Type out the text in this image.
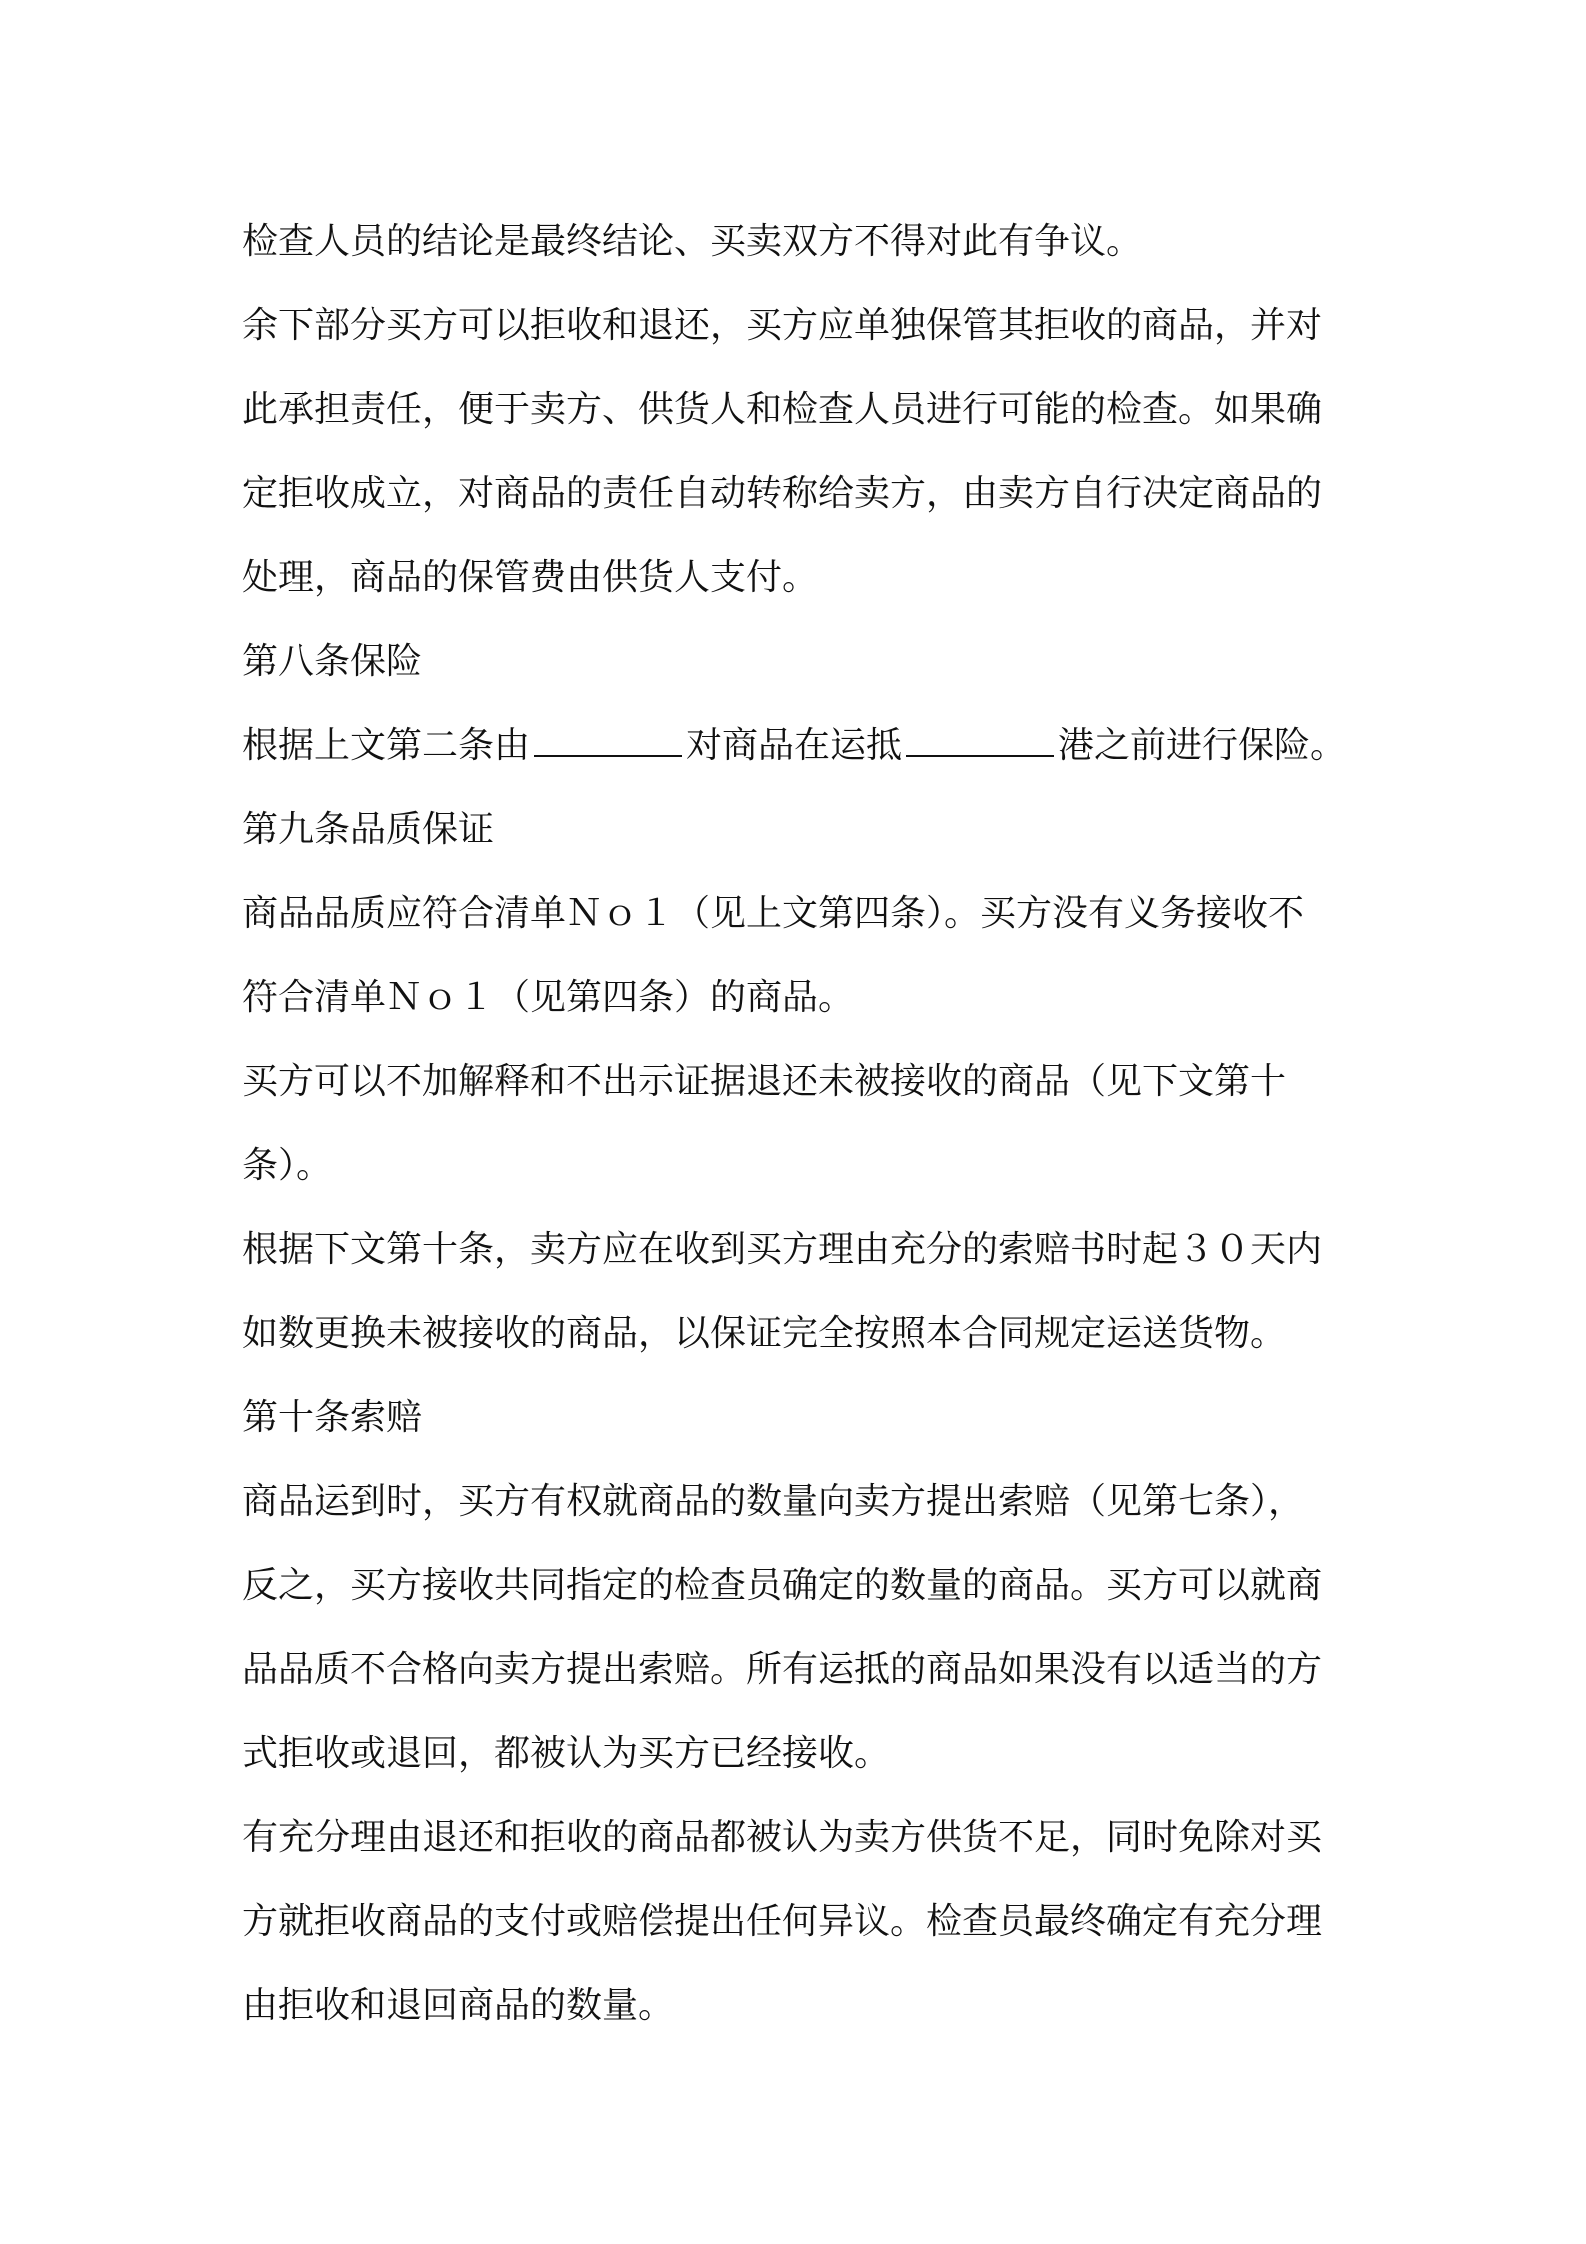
检查人员的结论是最终结论、买卖双方不得对此有争议。
余下部分买方可以拒收和退还，买方应单独保管其拒收的商品，并对
此承担责任，便于卖方、供货人和检查人员进行可能的检查。如果确
定拒收成立，对商品的责任自动转称给卖方，由卖方自行决定商品的
处理，商品的保管费由供货人支付。
第八条保险
根据上文第二条由	对商品在运抵	港之前进行保险。
第九条品质保证
商品品质应符合清单Ｎｏ１（见上文第四条）。买方没有义务接收不
符合清单Ｎｏ１（见第四条）的商品。
买方可以不加解释和不出示证据退还未被接收的商品（见下文第十
条）。
根据下文第十条，卖方应在收到买方理由充分的索赔书时起３０天内
如数更换未被接收的商品，以保证完全按照本合同规定运送货物。
第十条索赔
商品运到时，买方有权就商品的数量向卖方提出索赔（见第七条），
反之，买方接收共同指定的检查员确定的数量的商品。买方可以就商
品品质不合格向卖方提出索赔。所有运抵的商品如果没有以适当的方
式拒收或退回，都被认为买方已经接收。
有充分理由退还和拒收的商品都被认为卖方供货不足，同时免除对买
方就拒收商品的支付或赔偿提出任何异议。检查员最终确定有充分理
由拒收和退回商品的数量。
